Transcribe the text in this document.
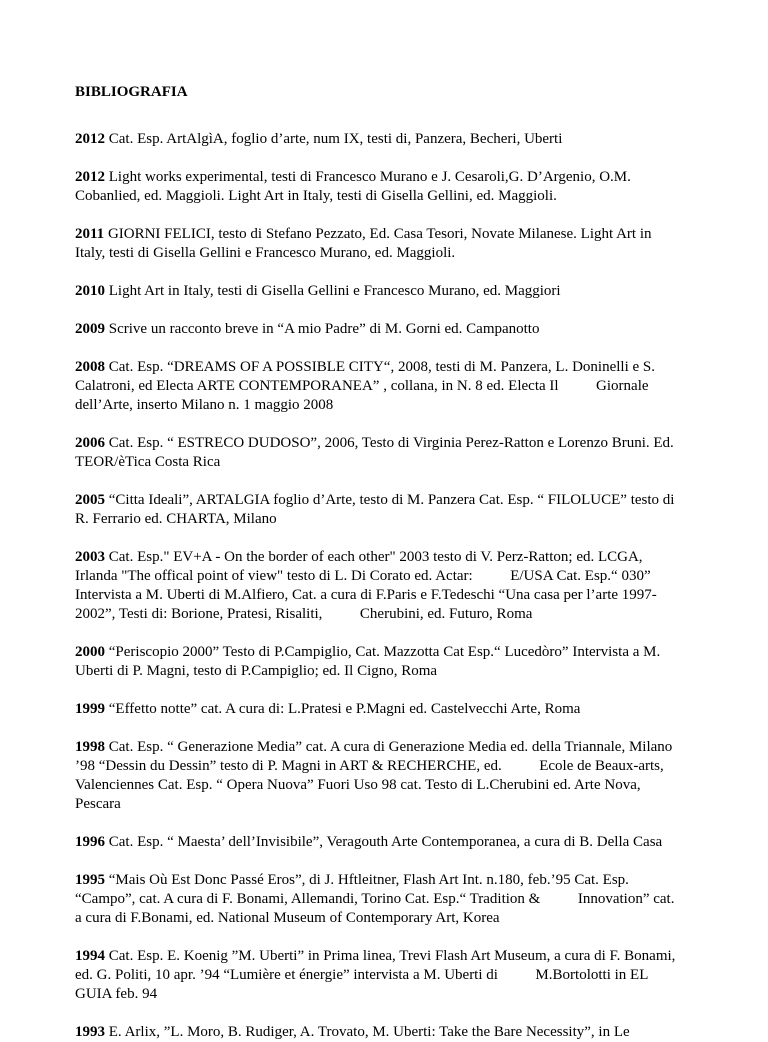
BIBLIOGRAFIA
2012 Cat. Esp. ArtAlgìA, foglio d’arte, num IX, testi di, Panzera, Becheri, Uberti
2012 Light works experimental, testi di Francesco Murano e J. Cesaroli,G. D’Argenio, O.M.
Cobanlied, ed. Maggioli. Light Art in Italy, testi di Gisella Gellini, ed. Maggioli.
2011 GIORNI FELICI, testo di Stefano Pezzato, Ed. Casa Tesori, Novate Milanese. Light Art in
Italy, testi di Gisella Gellini e Francesco Murano, ed. Maggioli.
2010 Light Art in Italy, testi di Gisella Gellini e Francesco Murano, ed. Maggiori
2009 Scrive un racconto breve in “A mio Padre” di M. Gorni ed. Campanotto
2008 Cat. Esp. “DREAMS OF A POSSIBLE CITY“, 2008, testi di M. Panzera, L. Doninelli e S.
Calatroni, ed Electa ARTE CONTEMPORANEA” , collana, in N. 8 ed. Electa Il          Giornale
dell’Arte, inserto Milano n. 1 maggio 2008
2006 Cat. Esp. “ ESTRECO DUDOSO”, 2006, Testo di Virginia Perez-Ratton e Lorenzo Bruni. Ed.
TEOR/èTica Costa Rica
2005 “Citta Ideali”, ARTALGIA foglio d’Arte, testo di M. Panzera Cat. Esp. “ FILOLUCE” testo di
R. Ferrario ed. CHARTA, Milano
2003 Cat. Esp." EV+A - On the border of each other" 2003 testo di V. Perz-Ratton; ed. LCGA,
Irlanda "The offical point of view" testo di L. Di Corato ed. Actar:          E/USA Cat. Esp.“ 030”
Intervista a M. Uberti di M.Alfiero, Cat. a cura di F.Paris e F.Tedeschi “Una casa per l’arte 1997-
2002”, Testi di: Borione, Pratesi, Risaliti,          Cherubini, ed. Futuro, Roma
2000 “Periscopio 2000” Testo di P.Campiglio, Cat. Mazzotta Cat Esp.“ Lucedòro” Intervista a M.
Uberti di P. Magni, testo di P.Campiglio; ed. Il Cigno, Roma
1999 “Effetto notte” cat. A cura di: L.Pratesi e P.Magni ed. Castelvecchi Arte, Roma
1998 Cat. Esp. “ Generazione Media” cat. A cura di Generazione Media ed. della Triannale, Milano
’98 “Dessin du Dessin” testo di P. Magni in ART & RECHERCHE, ed.          Ecole de Beaux-arts,
Valenciennes Cat. Esp. “ Opera Nuova” Fuori Uso 98 cat. Testo di L.Cherubini ed. Arte Nova,
Pescara
1996 Cat. Esp. “ Maesta’ dell’Invisibile”, Veragouth Arte Contemporanea, a cura di B. Della Casa
1995 “Mais Où Est Donc Passé Eros”, di J. Hftleitner, Flash Art Int. n.180, feb.’95 Cat. Esp.
“Campo”, cat. A cura di F. Bonami, Allemandi, Torino Cat. Esp.“ Tradition &          Innovation” cat.
a cura di F.Bonami, ed. National Museum of Contemporary Art, Korea
1994 Cat. Esp. E. Koenig ”M. Uberti” in Prima linea, Trevi Flash Art Museum, a cura di F. Bonami,
ed. G. Politi, 10 apr. ’94 “Lumière et énergie” intervista a M. Uberti di          M.Bortolotti in EL
GUIA feb. 94
1993 E. Arlix, ”L. Moro, B. Rudiger, A. Trovato, M. Uberti: Take the Bare Necessity”, in Le
